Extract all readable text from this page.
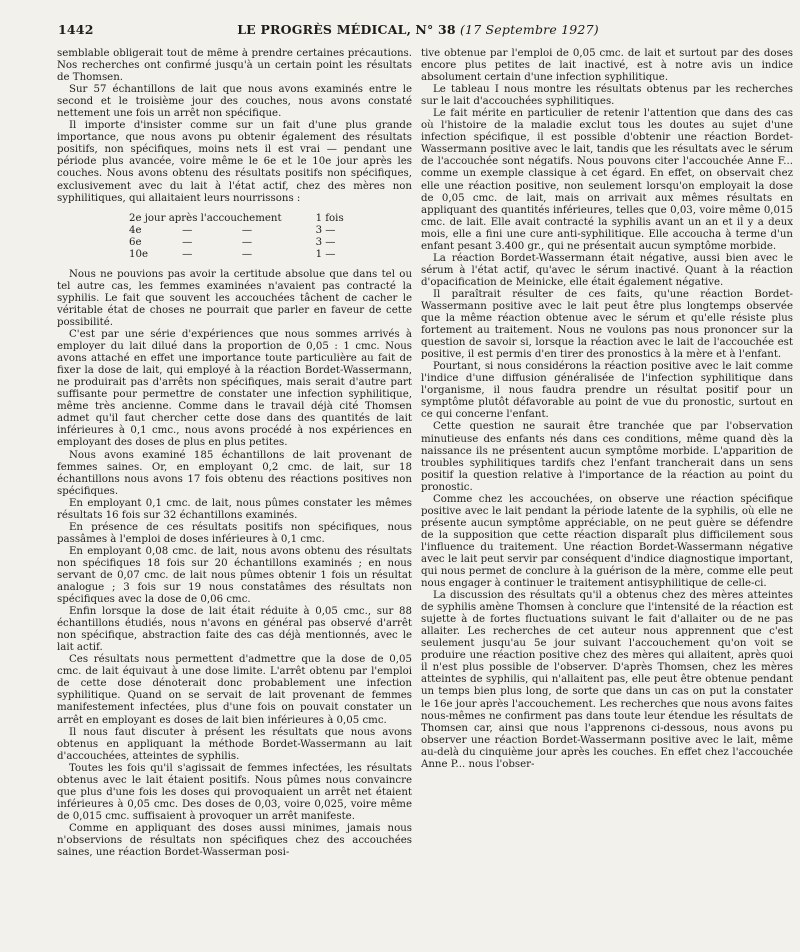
1442	LE PROGRÈS MÉDICAL, N° 38 (17 Septembre 1927)

semblable obligerait tout de même à prendre certaines précautions. Nos recherches ont confirmé jusqu'à un certain point les résultats de Thomsen.

Sur 57 échantillons de lait que nous avons examinés entre le second et le troisième jour des couches, nous avons constaté nettement une fois un arrêt non spécifique.

Il importe d'insister comme sur un fait d'une plus grande importance, que nous avons pu obtenir également des résultats positifs, non spécifiques, moins nets il est vrai — pendant une période plus avancée, voire même le 6e et le 10e jour après les couches. Nous avons obtenu des résultats positifs non spécifiques, exclusivement avec du lait à l'état actif, chez des mères non syphilitiques, qui allaitaient leurs nourrissons :

2e jour après l'accouchement			1 fois
4e	—	—	3 —
6e	—	—	3 —
10e	—	—	1 —

Nous ne pouvions pas avoir la certitude absolue que dans tel ou tel autre cas, les femmes examinées n'avaient pas contracté la syphilis. Le fait que souvent les accouchées tâchent de cacher le véritable état de choses ne pourrait que parler en faveur de cette possibilité.

C'est par une série d'expériences que nous sommes arrivés à employer du lait dilué dans la proportion de 0,05 : 1 cmc. Nous avons attaché en effet une importance toute particulière au fait de fixer la dose de lait, qui employé à la réaction Bordet-Wassermann, ne produirait pas d'arrêts non spécifiques, mais serait d'autre part suffisante pour permettre de constater une infection syphilitique, même très ancienne. Comme dans le travail déjà cité Thomsen admet qu'il faut chercher cette dose dans des quantités de lait inférieures à 0,1 cmc., nous avons procédé à nos expériences en employant des doses de plus en plus petites.

Nous avons examiné 185 échantillons de lait provenant de femmes saines. Or, en employant 0,2 cmc. de lait, sur 18 échantillons nous avons 17 fois obtenu des réactions positives non spécifiques.

En employant 0,1 cmc. de lait, nous pûmes constater les mêmes résultats 16 fois sur 32 échantillons examinés.

En présence de ces résultats positifs non spécifiques, nous passâmes à l'emploi de doses inférieures à 0,1 cmc.

En employant 0,08 cmc. de lait, nous avons obtenu des résultats non spécifiques 18 fois sur 20 échantillons examinés ; en nous servant de 0,07 cmc. de lait nous pûmes obtenir 1 fois un résultat analogue ; 3 fois sur 19 nous constatâmes des résultats non spécifiques avec la dose de 0,06 cmc.

Enfin lorsque la dose de lait était réduite à 0,05 cmc., sur 88 échantillons étudiés, nous n'avons en général pas observé d'arrêt non spécifique, abstraction faite des cas déjà mentionnés, avec le lait actif.

Ces résultats nous permettent d'admettre que la dose de 0,05 cmc. de lait équivaut à une dose limite. L'arrêt obtenu par l'emploi de cette dose dénoterait donc probablement une infection syphilitique. Quand on se servait de lait provenant de femmes manifestement infectées, plus d'une fois on pouvait constater un arrêt en employant es doses de lait bien inférieures à 0,05 cmc.

Il nous faut discuter à présent les résultats que nous avons obtenus en appliquant la méthode Bordet-Wassermann au lait d'accouchées, atteintes de syphilis.

Toutes les fois qu'il s'agissait de femmes infectées, les résultats obtenus avec le lait étaient positifs. Nous pûmes nous convaincre que plus d'une fois les doses qui provoquaient un arrêt net étaient inférieures à 0,05 cmc. Des doses de 0,03, voire 0,025, voire même de 0,015 cmc. suffisaient à provoquer un arrêt manifeste.

Comme en appliquant des doses aussi minimes, jamais nous n'observions de résultats non spécifiques chez des accouchées saines, une réaction Bordet-Wasserman posi-

tive obtenue par l'emploi de 0,05 cmc. de lait et surtout par des doses encore plus petites de lait inactivé, est à notre avis un indice absolument certain d'une infection syphilitique.

Le tableau I nous montre les résultats obtenus par les recherches sur le lait d'accouchées syphilitiques.

Le fait mérite en particulier de retenir l'attention que dans des cas où l'histoire de la maladie exclut tous les doutes au sujet d'une infection spécifique, il est possible d'obtenir une réaction Bordet-Wassermann positive avec le lait, tandis que les résultats avec le sérum de l'accouchée sont négatifs. Nous pouvons citer l'accouchée Anne F... comme un exemple classique à cet égard. En effet, on observait chez elle une réaction positive, non seulement lorsqu'on employait la dose de 0,05 cmc. de lait, mais on arrivait aux mêmes résultats en appliquant des quantités inférieures, telles que 0,03, voire même 0,015 cmc. de lait. Elle avait contracté la syphilis avant un an et il y a deux mois, elle a fini une cure anti-syphilitique. Elle accoucha à terme d'un enfant pesant 3.400 gr., qui ne présentait aucun symptôme morbide.

La réaction Bordet-Wassermann était négative, aussi bien avec le sérum à l'état actif, qu'avec le sérum inactivé. Quant à la réaction d'opacification de Meinicke, elle était également négative.

Il paraîtrait résulter de ces faits, qu'une réaction Bordet-Wassermann positive avec le lait peut être plus longtemps observée que la même réaction obtenue avec le sérum et qu'elle résiste plus fortement au traitement. Nous ne voulons pas nous prononcer sur la question de savoir si, lorsque la réaction avec le lait de l'accouchée est positive, il est permis d'en tirer des pronostics à la mère et à l'enfant.

Pourtant, si nous considérons la réaction positive avec le lait comme l'indice d'une diffusion généralisée de l'infection syphilitique dans l'organisme, il nous faudra prendre un résultat positif pour un symptôme plutôt défavorable au point de vue du pronostic, surtout en ce qui concerne l'enfant.

Cette question ne saurait être tranchée que par l'observation minutieuse des enfants nés dans ces conditions, même quand dès la naissance ils ne présentent aucun symptôme morbide. L'apparition de troubles syphilitiques tardifs chez l'enfant trancherait dans un sens positif la question relative à l'importance de la réaction au point du pronostic.

Comme chez les accouchées, on observe une réaction spécifique positive avec le lait pendant la période latente de la syphilis, où elle ne présente aucun symptôme appréciable, on ne peut guère se défendre de la supposition que cette réaction disparaît plus difficilement sous l'influence du traitement. Une réaction Bordet-Wassermann négative avec le lait peut servir par conséquent d'indice diagnostique important, qui nous permet de conclure à la guérison de la mère, comme elle peut nous engager à continuer le traitement antisyphilitique de celle-ci.

La discussion des résultats qu'il a obtenus chez des mères atteintes de syphilis amène Thomsen à conclure que l'intensité de la réaction est sujette à de fortes fluctuations suivant le fait d'allaiter ou de ne pas allaiter. Les recherches de cet auteur nous apprennent que c'est seulement jusqu'au 5e jour suivant l'accouchement qu'on voit se produire une réaction positive chez des mères qui allaitent, après quoi il n'est plus possible de l'observer. D'après Thomsen, chez les mères atteintes de syphilis, qui n'allaitent pas, elle peut être obtenue pendant un temps bien plus long, de sorte que dans un cas on put la constater le 16e jour après l'accouchement. Les recherches que nous avons faites nous-mêmes ne confirment pas dans toute leur étendue les résultats de Thomsen car, ainsi que nous l'apprenons ci-dessous, nous avons pu observer une réaction Bordet-Wassermann positive avec le lait, même au-delà du cinquième jour après les couches. En effet chez l'accouchée Anne P... nous l'obser-
